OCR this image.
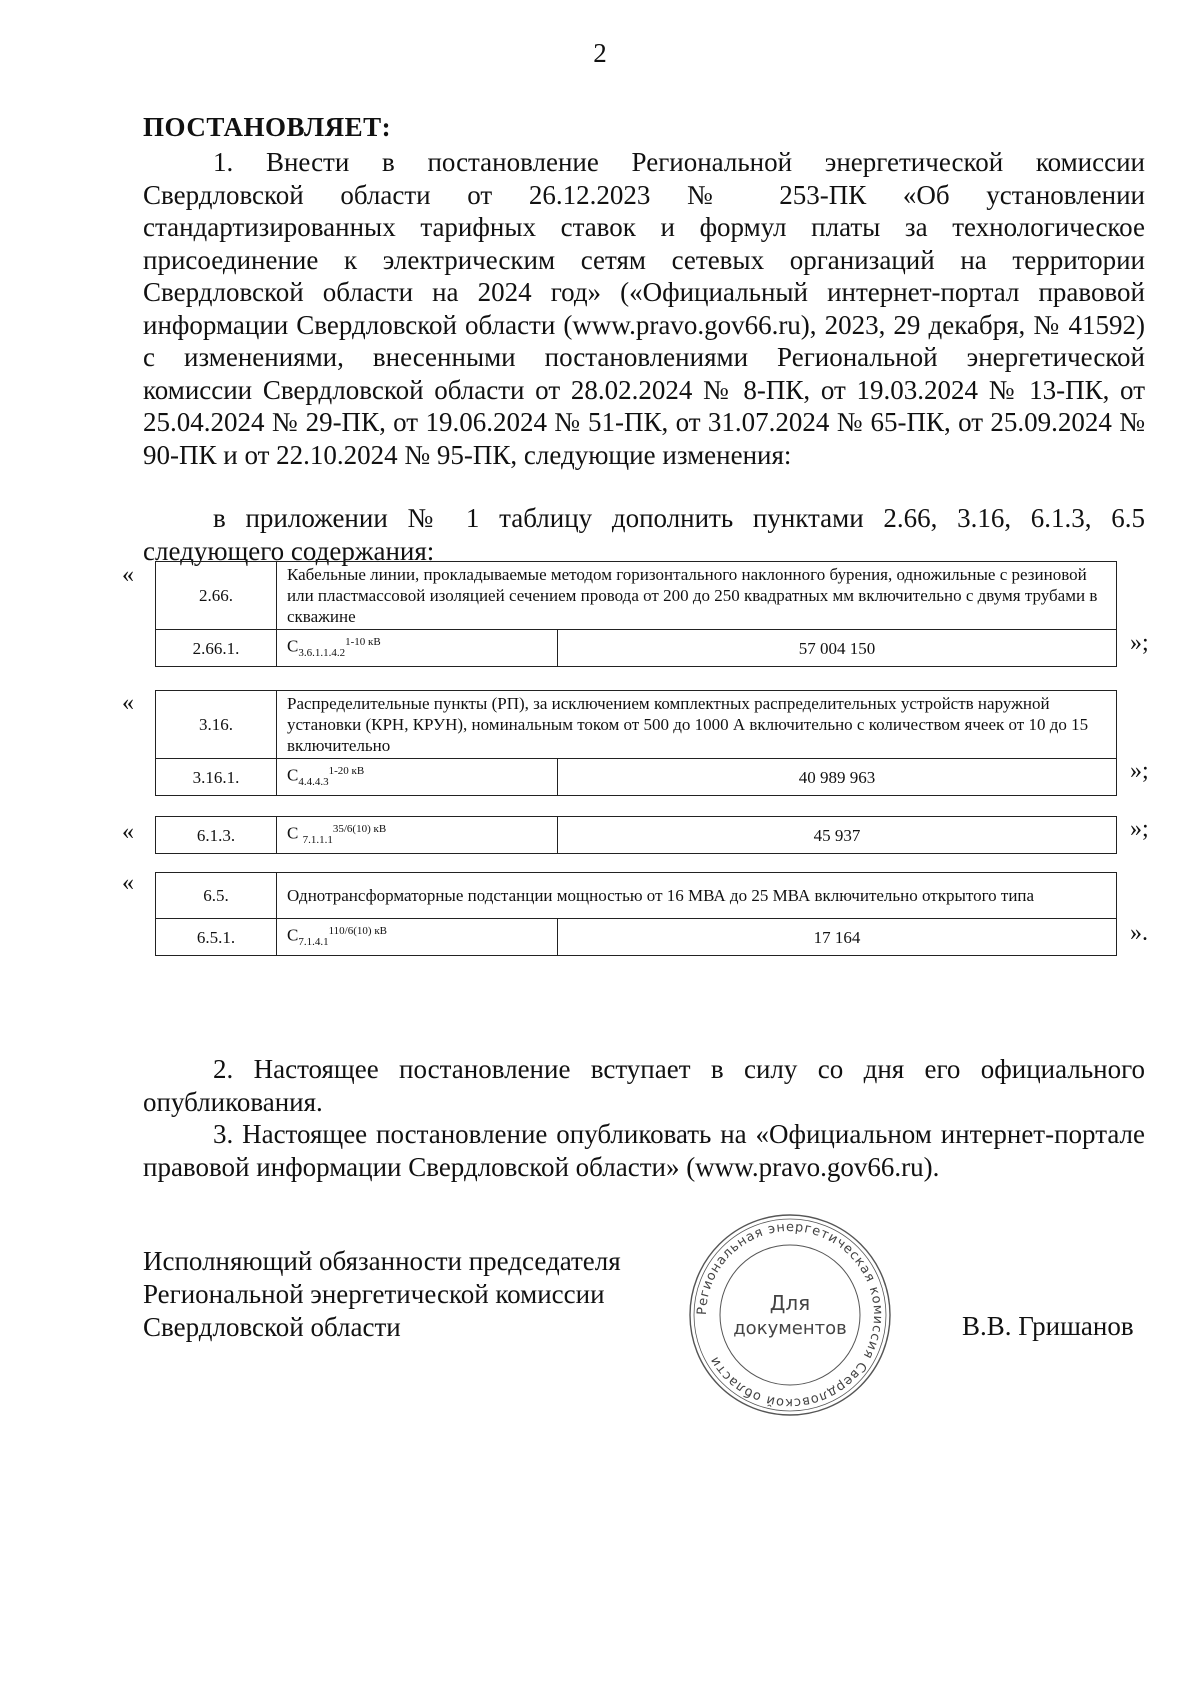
2
ПОСТАНОВЛЯЕТ:
1. Внести в постановление Региональной энергетической комиссии Свердловской области от 26.12.2023 № 253-ПК «Об установлении стандартизированных тарифных ставок и формул платы за технологическое присоединение к электрическим сетям сетевых организаций на территории Свердловской области на 2024 год» («Официальный интернет-портал правовой информации Свердловской области (www.pravo.gov66.ru), 2023, 29 декабря, № 41592) с изменениями, внесенными постановлениями Региональной энергетической комиссии Свердловской области от 28.02.2024 № 8-ПК, от 19.03.2024 № 13-ПК, от 25.04.2024 № 29-ПК, от 19.06.2024 № 51-ПК, от 31.07.2024 № 65-ПК, от 25.09.2024 № 90-ПК и от 22.10.2024 № 95-ПК, следующие изменения:
в приложении № 1 таблицу дополнить пунктами 2.66, 3.16, 6.1.3, 6.5 следующего содержания:
«
2.66.	Кабельные линии, прокладываемые методом горизонтального наклонного бурения, одножильные с резиновой или пластмассовой изоляцией сечением провода от 200 до 250 квадратных мм включительно с двумя трубами в скважине	
2.66.1.	$С_{3.6.1.1.4.2}^{1-10 кВ}$	57 004 150	»;
«
3.16.	Распределительные пункты (РП), за исключением комплектных распределительных устройств наружной установки (КРН, КРУН), номинальным током от 500 до 1000 А включительно с количеством ячеек от 10 до 15 включительно	
3.16.1.	$С_{4.4.4.3}^{1-20 кВ}$	40 989 963	»;
«	6.1.3.	С $_{7.1.1.1}^{35/6(10) кВ}$	45 937	»;
«	6.5.	Однотрансформаторные подстанции мощностью от 16 МВА до 25 МВА включительно открытого типа	
6.5.1.	$С_{7.1.4.1}^{110/6(10) кВ}$	17 164	».
2. Настоящее постановление вступает в силу со дня его официального опубликования.
3. Настоящее постановление опубликовать на «Официальном интернет-портале правовой информации Свердловской области» (www.pravo.gov66.ru).
Исполняющий обязанности председателя
Региональной энергетической комиссии
Свердловской области
Региональная энергетическая комиссия Свердловской области
Для
документов	В.В. Гришанов
